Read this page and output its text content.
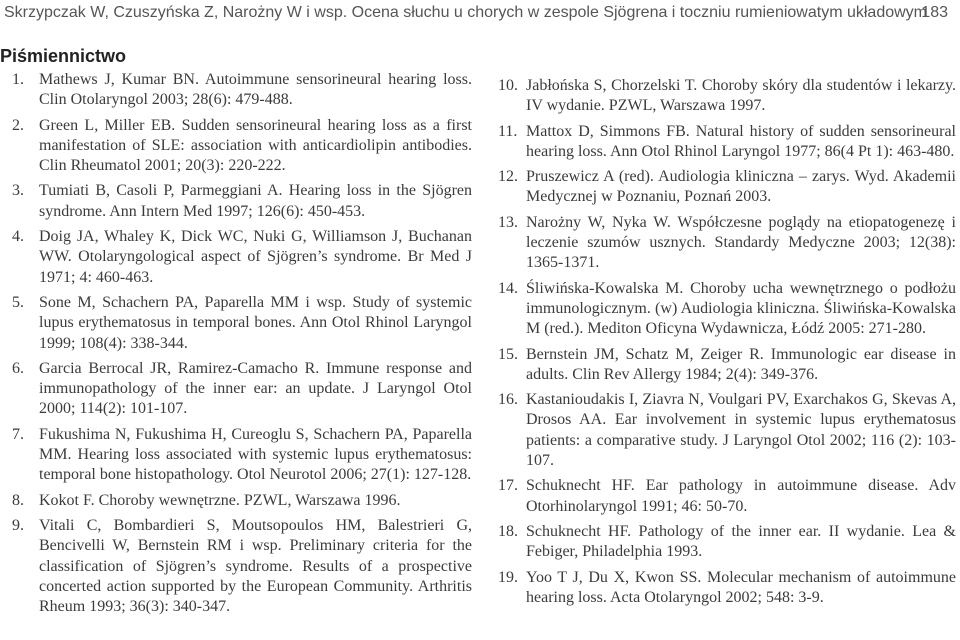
Skrzypczak W, Czuszyńska Z, Narożny W i wsp. Ocena słuchu u chorych w zespole Sjögrena i toczniu rumieniowatym układowym
183
Piśmiennictwo
1. Mathews J, Kumar BN. Autoimmune sensorineural hearing loss. Clin Otolaryngol 2003; 28(6): 479-488.
2. Green L, Miller EB. Sudden sensorineural hearing loss as a first manifestation of SLE: association with anticardiolipin antibodies. Clin Rheumatol 2001; 20(3): 220-222.
3. Tumiati B, Casoli P, Parmeggiani A. Hearing loss in the Sjögren syndrome. Ann Intern Med 1997; 126(6): 450-453.
4. Doig JA, Whaley K, Dick WC, Nuki G, Williamson J, Buchanan WW. Otolaryngological aspect of Sjögren’s syndrome. Br Med J 1971; 4: 460-463.
5. Sone M, Schachern PA, Paparella MM i wsp. Study of systemic lupus erythematosus in temporal bones. Ann Otol Rhinol Laryngol 1999; 108(4): 338-344.
6. Garcia Berrocal JR, Ramirez-Camacho R. Immune response and immunopathology of the inner ear: an update. J Laryngol Otol 2000; 114(2): 101-107.
7. Fukushima N, Fukushima H, Cureoglu S, Schachern PA, Paparella MM. Hearing loss associated with systemic lupus erythematosus: temporal bone histopathology. Otol Neurotol 2006; 27(1): 127-128.
8. Kokot F. Choroby wewnętrzne. PZWL, Warszawa 1996.
9. Vitali C, Bombardieri S, Moutsopoulos HM, Balestrieri G, Bencivelli W, Bernstein RM i wsp. Preliminary criteria for the classification of Sjögren’s syndrome. Results of a prospective concerted action supported by the European Community. Arthritis Rheum 1993; 36(3): 340-347.
10. Jabłońska S, Chorzelski T. Choroby skóry dla studentów i lekarzy. IV wydanie. PZWL, Warszawa 1997.
11. Mattox D, Simmons FB. Natural history of sudden sensorineural hearing loss. Ann Otol Rhinol Laryngol 1977; 86(4 Pt 1): 463-480.
12. Pruszewicz A (red). Audiologia kliniczna – zarys. Wyd. Akademii Medycznej w Poznaniu, Poznań 2003.
13. Narożny W, Nyka W. Współczesne poglądy na etiopatogenezę i leczenie szumów usznych. Standardy Medyczne 2003; 12(38): 1365-1371.
14. Śliwińska-Kowalska M. Choroby ucha wewnętrznego o podłożu immunologicznym. (w) Audiologia kliniczna. Śliwińska-Kowalska M (red.). Mediton Oficyna Wydawnicza, Łódź 2005: 271-280.
15. Bernstein JM, Schatz M, Zeiger R. Immunologic ear disease in adults. Clin Rev Allergy 1984; 2(4): 349-376.
16. Kastanioudakis I, Ziavra N, Voulgari PV, Exarchakos G, Skevas A, Drosos AA. Ear involvement in systemic lupus erythematosus patients: a comparative study. J Laryngol Otol 2002; 116 (2): 103-107.
17. Schuknecht HF. Ear pathology in autoimmune disease. Adv Otorhinolaryngol 1991; 46: 50-70.
18. Schuknecht HF. Pathology of the inner ear. II wydanie. Lea & Febiger, Philadelphia 1993.
19. Yoo T J, Du X, Kwon SS. Molecular mechanism of autoimmune hearing loss. Acta Otolaryngol 2002; 548: 3-9.
